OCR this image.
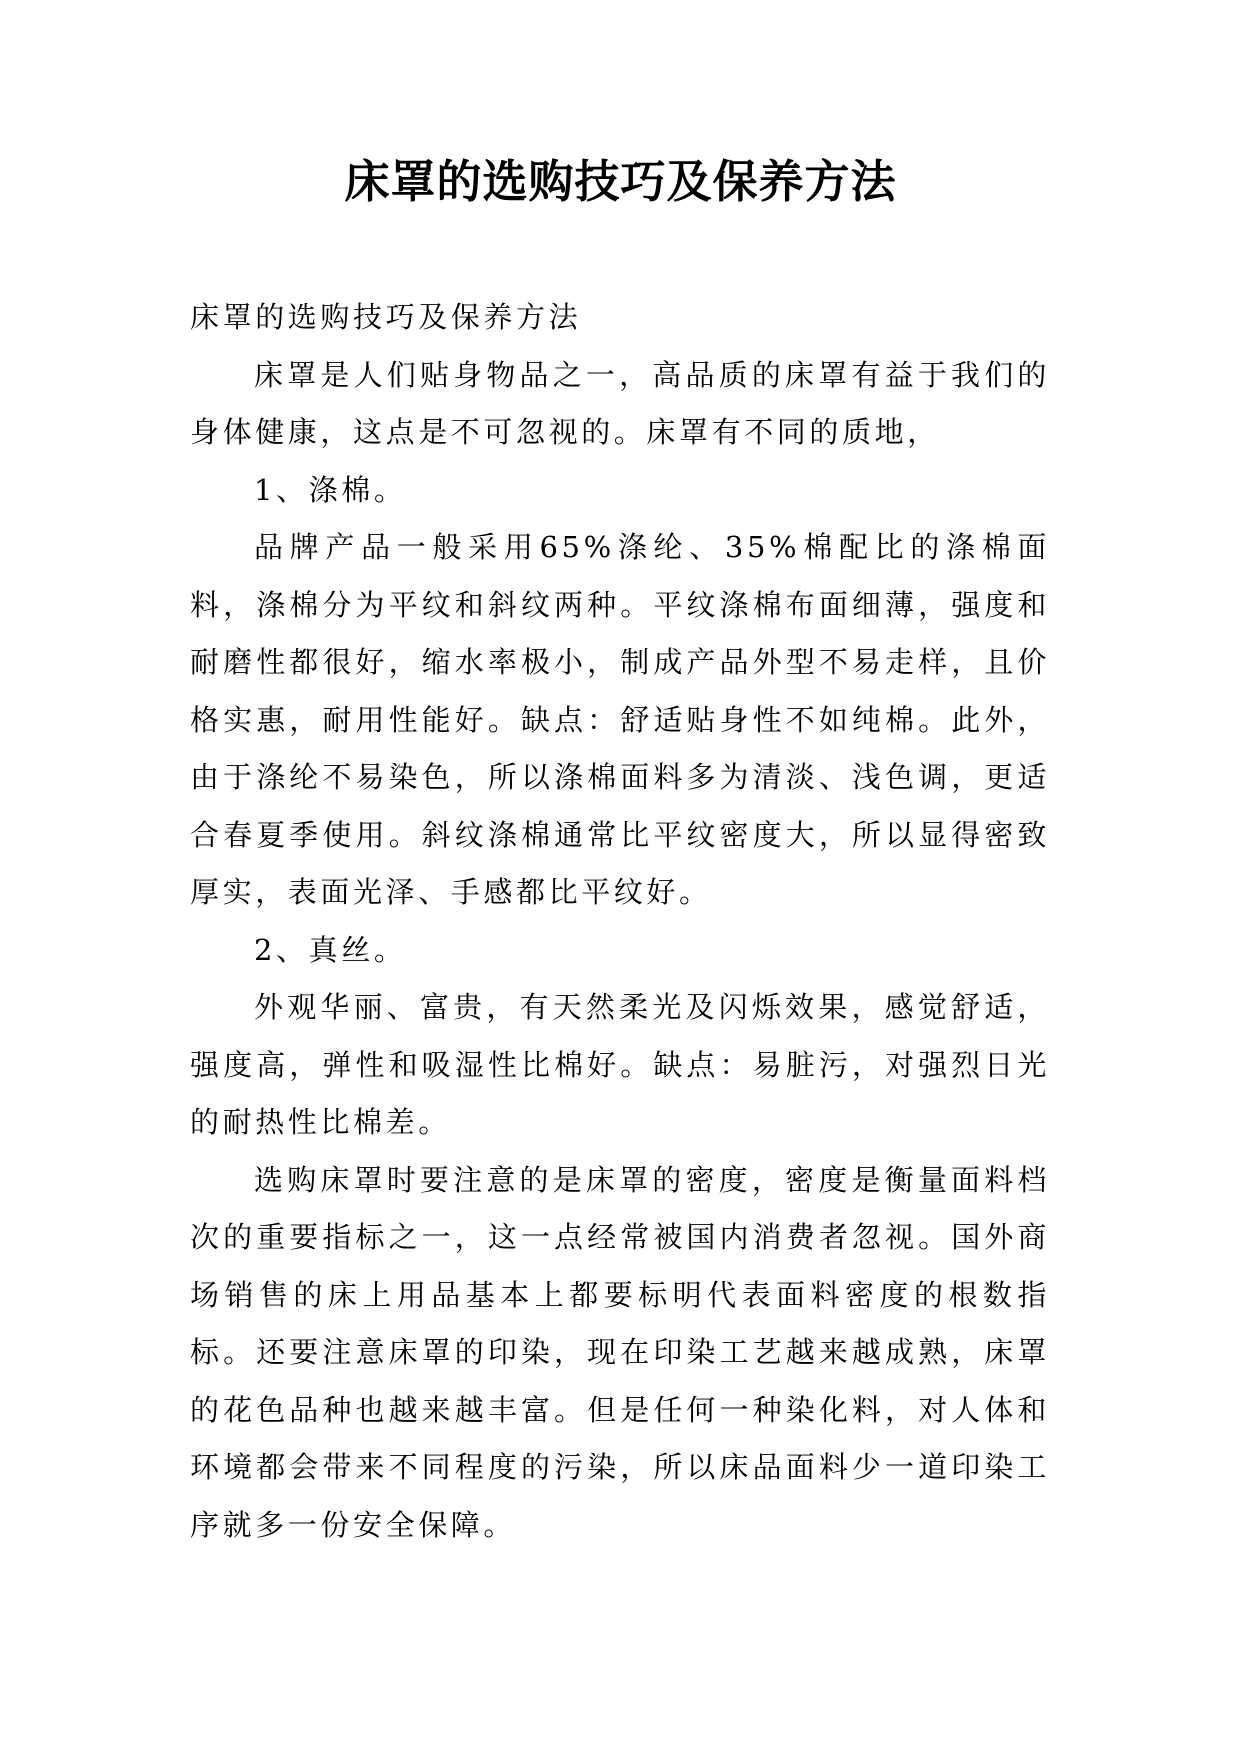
床罩的选购技巧及保养方法

床罩的选购技巧及保养方法

床罩是人们贴身物品之一，高品质的床罩有益于我们的身体健康，这点是不可忽视的。床罩有不同的质地，

1、涤棉。

品牌产品一般采用65%涤纶、35%棉配比的涤棉面料，涤棉分为平纹和斜纹两种。平纹涤棉布面细薄，强度和耐磨性都很好，缩水率极小，制成产品外型不易走样，且价格实惠，耐用性能好。缺点：舒适贴身性不如纯棉。此外，由于涤纶不易染色，所以涤棉面料多为清淡、浅色调，更适合春夏季使用。斜纹涤棉通常比平纹密度大，所以显得密致厚实，表面光泽、手感都比平纹好。

2、真丝。

外观华丽、富贵，有天然柔光及闪烁效果，感觉舒适，强度高，弹性和吸湿性比棉好。缺点：易脏污，对强烈日光的耐热性比棉差。

选购床罩时要注意的是床罩的密度，密度是衡量面料档次的重要指标之一，这一点经常被国内消费者忽视。国外商场销售的床上用品基本上都要标明代表面料密度的根数指标。还要注意床罩的印染，现在印染工艺越来越成熟，床罩的花色品种也越来越丰富。但是任何一种染化料，对人体和环境都会带来不同程度的污染，所以床品面料少一道印染工序就多一份安全保障。
